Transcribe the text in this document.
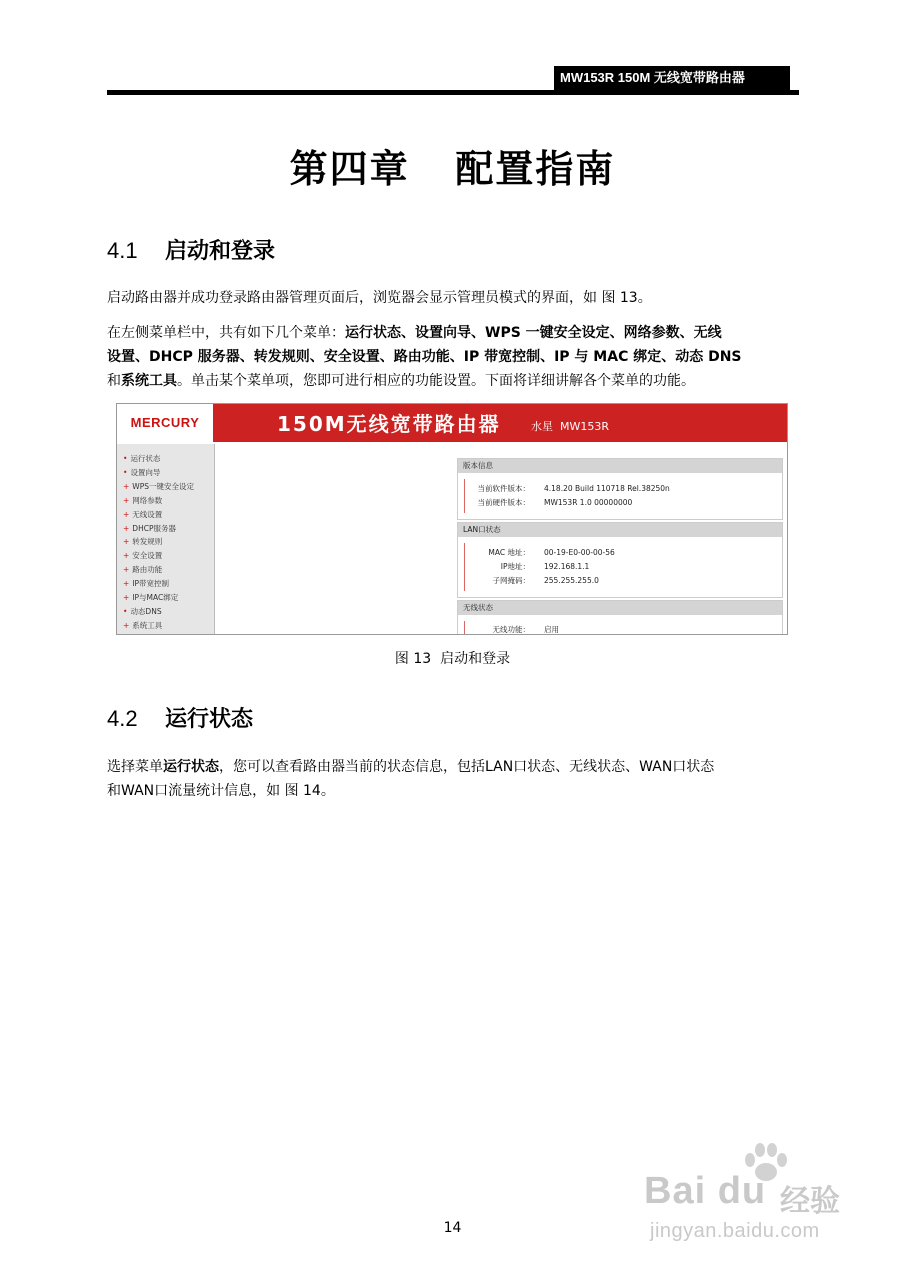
MW153R 150M 无线宽带路由器
第四章   配置指南
4.1 启动和登录
启动路由器并成功登录路由器管理页面后，浏览器会显示管理员模式的界面，如 图 13。
在左侧菜单栏中，共有如下几个菜单：运行状态、设置向导、WPS 一键安全设定、网络参数、无线
设置、DHCP 服务器、转发规则、安全设置、路由功能、IP 带宽控制、IP 与 MAC 绑定、动态 DNS
和系统工具。单击某个菜单项，您即可进行相应的功能设置。下面将详细讲解各个菜单的功能。
MERCURY	150M无线宽带路由器	水星  MW153R
• 运行状态
• 设置向导
+ WPS一键安全设定
+ 网络参数
+ 无线设置
+ DHCP服务器
+ 转发规则
+ 安全设置
+ 路由功能
+ IP带宽控制
+ IP与MAC绑定
• 动态DNS
+ 系统工具
版本信息
当前软件版本： 4.18.20 Build 110718 Rel.38250n
当前硬件版本： MW153R 1.0 00000000
LAN口状态
MAC 地址： 00-19-E0-00-00-56
IP地址： 192.168.1.1
子网掩码： 255.255.255.0
无线状态
无线功能： 启用
图 13  启动和登录
4.2 运行状态
选择菜单运行状态，您可以查看路由器当前的状态信息，包括LAN口状态、无线状态、WAN口状态
和WAN口流量统计信息，如 图 14。
14
Bai du 经验
jingyan.baidu.com
